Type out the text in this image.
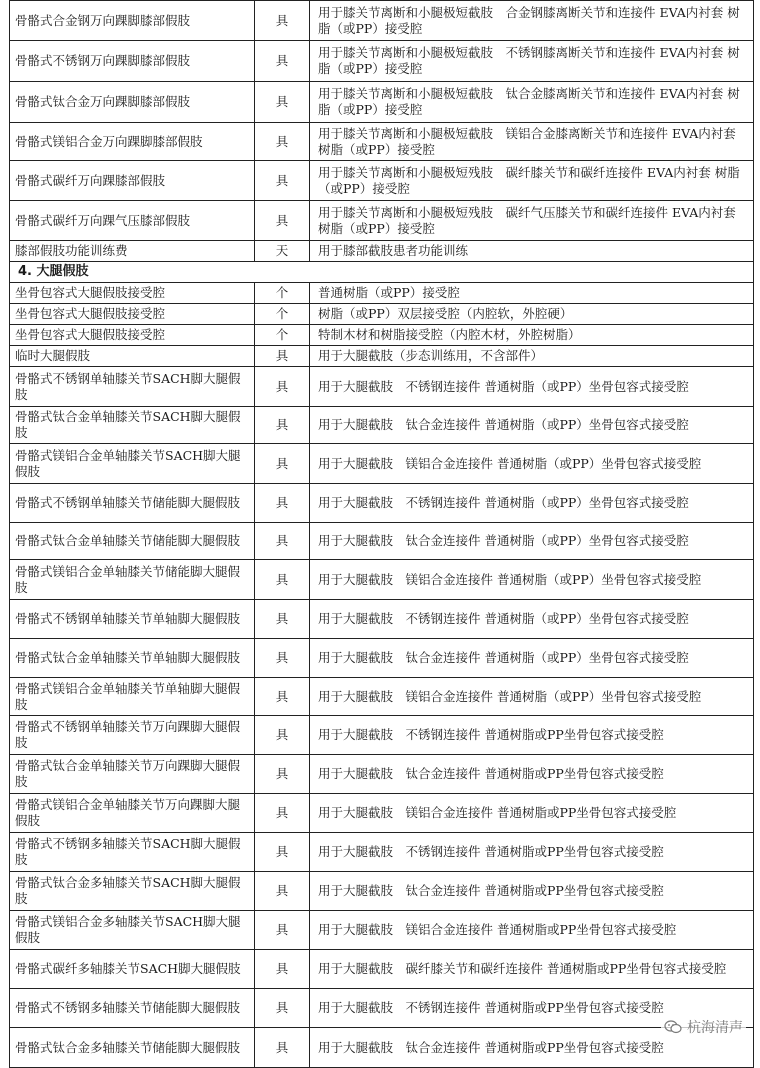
骨骼式合金钢万向踝脚膝部假肢	具	用于膝关节离断和小腿极短截肢　合金钢膝离断关节和连接件 EVA内衬套 树脂（或PP）接受腔
骨骼式不锈钢万向踝脚膝部假肢	具	用于膝关节离断和小腿极短截肢　不锈钢膝离断关节和连接件 EVA内衬套 树脂（或PP）接受腔
骨骼式钛合金万向踝脚膝部假肢	具	用于膝关节离断和小腿极短截肢　钛合金膝离断关节和连接件 EVA内衬套 树脂（或PP）接受腔
骨骼式镁铝合金万向踝脚膝部假肢	具	用于膝关节离断和小腿极短截肢　镁铝合金膝离断关节和连接件 EVA内衬套 树脂（或PP）接受腔
骨骼式碳纤万向踝膝部假肢	具	用于膝关节离断和小腿极短残肢　碳纤膝关节和碳纤连接件 EVA内衬套 树脂（或PP）接受腔
骨骼式碳纤万向踝气压膝部假肢	具	用于膝关节离断和小腿极短残肢　碳纤气压膝关节和碳纤连接件 EVA内衬套 树脂（或PP）接受腔
膝部假肢功能训练费	天	用于膝部截肢患者功能训练
4. 大腿假肢		
坐骨包容式大腿假肢接受腔	个	普通树脂（或PP）接受腔
坐骨包容式大腿假肢接受腔	个	树脂（或PP）双层接受腔（内腔软，外腔硬）
坐骨包容式大腿假肢接受腔	个	特制木材和树脂接受腔（内腔木材，外腔树脂）
临时大腿假肢	具	用于大腿截肢（步态训练用，不含部件）
骨骼式不锈钢单轴膝关节SACH脚大腿假肢	具	用于大腿截肢　不锈钢连接件 普通树脂（或PP）坐骨包容式接受腔
骨骼式钛合金单轴膝关节SACH脚大腿假肢	具	用于大腿截肢　钛合金连接件 普通树脂（或PP）坐骨包容式接受腔
骨骼式镁铝合金单轴膝关节SACH脚大腿假肢	具	用于大腿截肢　镁铝合金连接件 普通树脂（或PP）坐骨包容式接受腔
骨骼式不锈钢单轴膝关节储能脚大腿假肢	具	用于大腿截肢　不锈钢连接件 普通树脂（或PP）坐骨包容式接受腔
骨骼式钛合金单轴膝关节储能脚大腿假肢	具	用于大腿截肢　钛合金连接件 普通树脂（或PP）坐骨包容式接受腔
骨骼式镁铝合金单轴膝关节储能脚大腿假肢	具	用于大腿截肢　镁铝合金连接件 普通树脂（或PP）坐骨包容式接受腔
骨骼式不锈钢单轴膝关节单轴脚大腿假肢	具	用于大腿截肢　不锈钢连接件 普通树脂（或PP）坐骨包容式接受腔
骨骼式钛合金单轴膝关节单轴脚大腿假肢	具	用于大腿截肢　钛合金连接件 普通树脂（或PP）坐骨包容式接受腔
骨骼式镁铝合金单轴膝关节单轴脚大腿假肢	具	用于大腿截肢　镁铝合金连接件 普通树脂（或PP）坐骨包容式接受腔
骨骼式不锈钢单轴膝关节万向踝脚大腿假肢	具	用于大腿截肢　不锈钢连接件 普通树脂或PP坐骨包容式接受腔
骨骼式钛合金单轴膝关节万向踝脚大腿假肢	具	用于大腿截肢　钛合金连接件 普通树脂或PP坐骨包容式接受腔
骨骼式镁铝合金单轴膝关节万向踝脚大腿假肢	具	用于大腿截肢　镁铝合金连接件 普通树脂或PP坐骨包容式接受腔
骨骼式不锈钢多轴膝关节SACH脚大腿假肢	具	用于大腿截肢　不锈钢连接件 普通树脂或PP坐骨包容式接受腔
骨骼式钛合金多轴膝关节SACH脚大腿假肢	具	用于大腿截肢　钛合金连接件 普通树脂或PP坐骨包容式接受腔
骨骼式镁铝合金多轴膝关节SACH脚大腿假肢	具	用于大腿截肢　镁铝合金连接件 普通树脂或PP坐骨包容式接受腔
骨骼式碳纤多轴膝关节SACH脚大腿假肢	具	用于大腿截肢　碳纤膝关节和碳纤连接件 普通树脂或PP坐骨包容式接受腔
骨骼式不锈钢多轴膝关节储能脚大腿假肢	具	用于大腿截肢　不锈钢连接件 普通树脂或PP坐骨包容式接受腔
骨骼式钛合金多轴膝关节储能脚大腿假肢	具	用于大腿截肢　钛合金连接件 普通树脂或PP坐骨包容式接受腔
杭海清声
